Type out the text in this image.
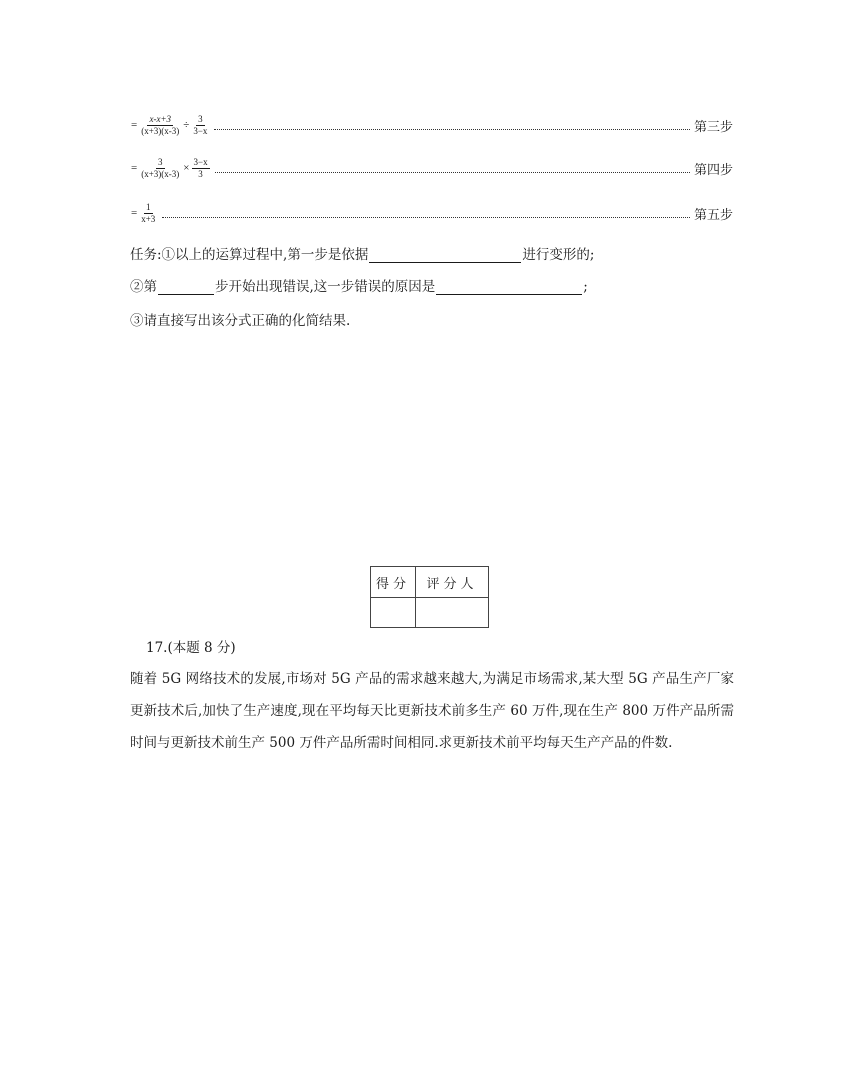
= $\frac{x-x+3}{(x+3)(x-3)} \div \frac{3}{3-x}$	第三步
= $\frac{3}{(x+3)(x-3)} \times \frac{3-x}{3}$	第四步
= $\frac{1}{x+3}$	第五步
任务:①以上的运算过程中,第一步是依据	进行变形的;
②第	步开始出现错误,这一步错误的原因是	;
③请直接写出该分式正确的化简结果.
得分	评分人

17.(本题 8 分)
随着 5G 网络技术的发展,市场对 5G 产品的需求越来越大,为满足市场需求,某大型 5G 产品生产厂家更新技术后,加快了生产速度,现在平均每天比更新技术前多生产 60 万件,现在生产 800 万件产品所需时间与更新技术前生产 500 万件产品所需时间相同.求更新技术前平均每天生产产品的件数.
